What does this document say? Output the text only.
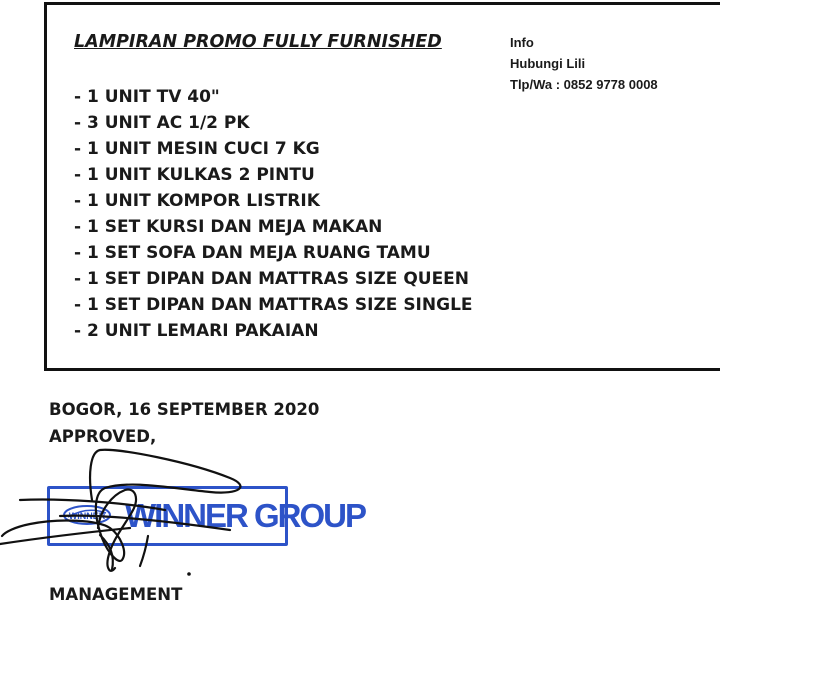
LAMPIRAN PROMO FULLY FURNISHED
- 1 UNIT TV 40"
- 3 UNIT AC 1/2 PK
- 1 UNIT MESIN CUCI 7 KG
- 1 UNIT KULKAS 2 PINTU
- 1 UNIT KOMPOR LISTRIK
- 1 SET KURSI DAN MEJA MAKAN
- 1 SET SOFA DAN MEJA RUANG TAMU
- 1 SET DIPAN DAN MATTRAS SIZE QUEEN
- 1 SET DIPAN DAN MATTRAS SIZE SINGLE
- 2 UNIT LEMARI PAKAIAN
Info
Hubungi Lili
Tlp/Wa : 0852 9778 0008
BOGOR, 16 SEPTEMBER 2020
APPROVED,
WINNER WINNER GROUP
MANAGEMENT
